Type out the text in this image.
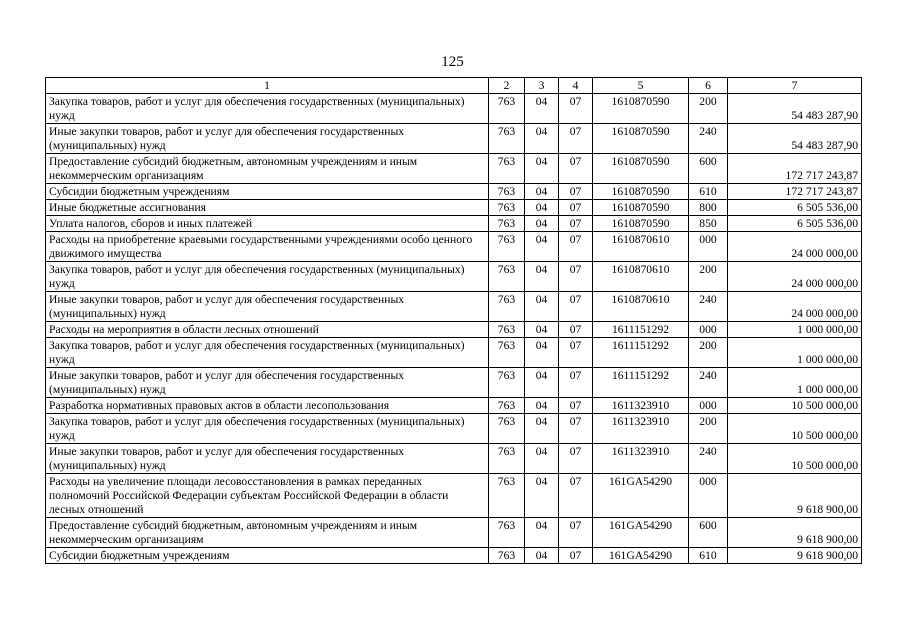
125
1	2	3	4	5	6	7
Закупка товаров, работ и услуг для обеспечения государственных (муниципальных) нужд	763	04	07	1610870590	200	54 483 287,90
Иные закупки товаров, работ и услуг для обеспечения государственных (муниципальных) нужд	763	04	07	1610870590	240	54 483 287,90
Предоставление субсидий бюджетным, автономным учреждениям и иным некоммерческим организациям	763	04	07	1610870590	600	172 717 243,87
Субсидии бюджетным учреждениям	763	04	07	1610870590	610	172 717 243,87
Иные бюджетные ассигнования	763	04	07	1610870590	800	6 505 536,00
Уплата налогов, сборов и иных платежей	763	04	07	1610870590	850	6 505 536,00
Расходы на приобретение краевыми государственными учреждениями особо ценного движимого имущества	763	04	07	1610870610	000	24 000 000,00
Закупка товаров, работ и услуг для обеспечения государственных (муниципальных) нужд	763	04	07	1610870610	200	24 000 000,00
Иные закупки товаров, работ и услуг для обеспечения государственных (муниципальных) нужд	763	04	07	1610870610	240	24 000 000,00
Расходы на мероприятия в области лесных отношений	763	04	07	1611151292	000	1 000 000,00
Закупка товаров, работ и услуг для обеспечения государственных (муниципальных) нужд	763	04	07	1611151292	200	1 000 000,00
Иные закупки товаров, работ и услуг для обеспечения государственных (муниципальных) нужд	763	04	07	1611151292	240	1 000 000,00
Разработка нормативных правовых актов в области лесопользования	763	04	07	1611323910	000	10 500 000,00
Закупка товаров, работ и услуг для обеспечения государственных (муниципальных) нужд	763	04	07	1611323910	200	10 500 000,00
Иные закупки товаров, работ и услуг для обеспечения государственных (муниципальных) нужд	763	04	07	1611323910	240	10 500 000,00
Расходы на увеличение площади лесовосстановления в рамках переданных полномочий Российской Федерации субъектам Российской Федерации в области лесных отношений	763	04	07	161GA54290	000	9 618 900,00
Предоставление субсидий бюджетным, автономным учреждениям и иным некоммерческим организациям	763	04	07	161GA54290	600	9 618 900,00
Субсидии бюджетным учреждениям	763	04	07	161GA54290	610	9 618 900,00
